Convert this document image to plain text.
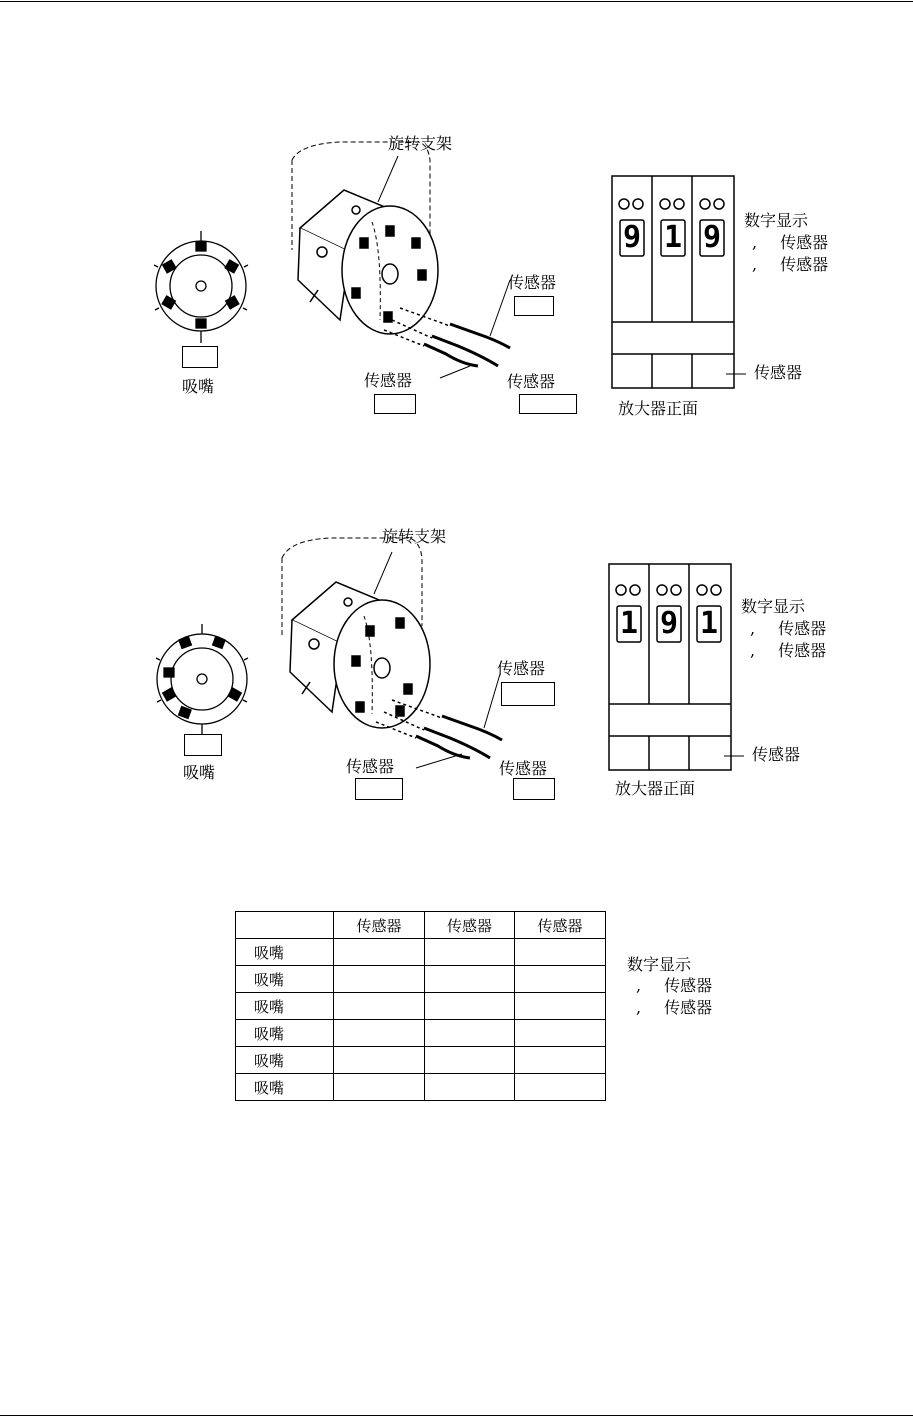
9 1 9
旋转支架
吸嘴
传感器
传感器	传感器
数字显示
, 传感器
, 传感器
传感器
放大器正面
1 9 1
旋转支架
吸嘴
传感器
传感器	传感器
数字显示
, 传感器
, 传感器
传感器
放大器正面
	传感器	传感器	传感器
吸嘴			
吸嘴			
吸嘴			
吸嘴			
吸嘴			
吸嘴			
数字显示
, 传感器
, 传感器
